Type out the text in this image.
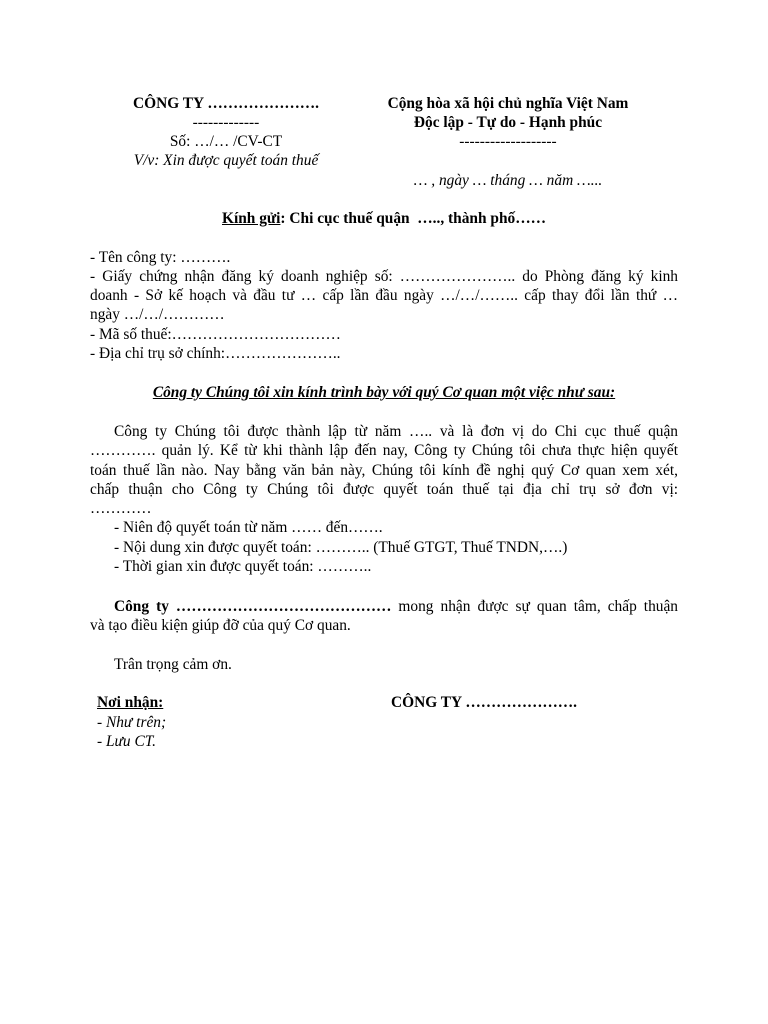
CÔNG TY ………………….
-------------
Số: …/… /CV-CT
V/v: Xin được quyết toán thuế
Cộng hòa xã hội chủ nghĩa Việt Nam
Độc lập - Tự do - Hạnh phúc
-------------------
… , ngày … tháng … năm …...
Kính gửi: Chi cục thuế quận  ….., thành phố……
- Tên công ty: ……….
- Giấy chứng nhận đăng ký doanh nghiệp số: ………………….. do Phòng đăng ký kinh
doanh - Sở kế hoạch và đầu tư … cấp lần đầu ngày …/…/…….. cấp thay đổi lần thứ …
ngày …/…/…………
- Mã số thuế:……………………………
- Địa chỉ trụ sở chính:…………………..
Công ty Chúng tôi xin kính trình bày với quý Cơ quan một việc như sau:
Công ty Chúng tôi được thành lập từ năm ….. và là đơn vị do Chi cục thuế quận
…………. quản lý. Kể từ khi thành lập đến nay, Công ty Chúng tôi chưa thực hiện quyết
toán thuế lần nào. Nay bằng văn bản này, Chúng tôi kính đề nghị quý Cơ quan xem xét,
chấp thuận cho Công ty Chúng tôi được quyết toán thuế tại địa chỉ trụ sở đơn vị:
…………
- Niên độ quyết toán từ năm …… đến…….
- Nội dung xin được quyết toán: ……….. (Thuế GTGT, Thuế TNDN,….)
- Thời gian xin được quyết toán: ………..
Công ty …………………………………… mong nhận được sự quan tâm, chấp thuận
và tạo điều kiện giúp đỡ của quý Cơ quan.
Trân trọng cảm ơn.
Nơi nhận:
- Như trên;
- Lưu CT.
CÔNG TY ………………….
